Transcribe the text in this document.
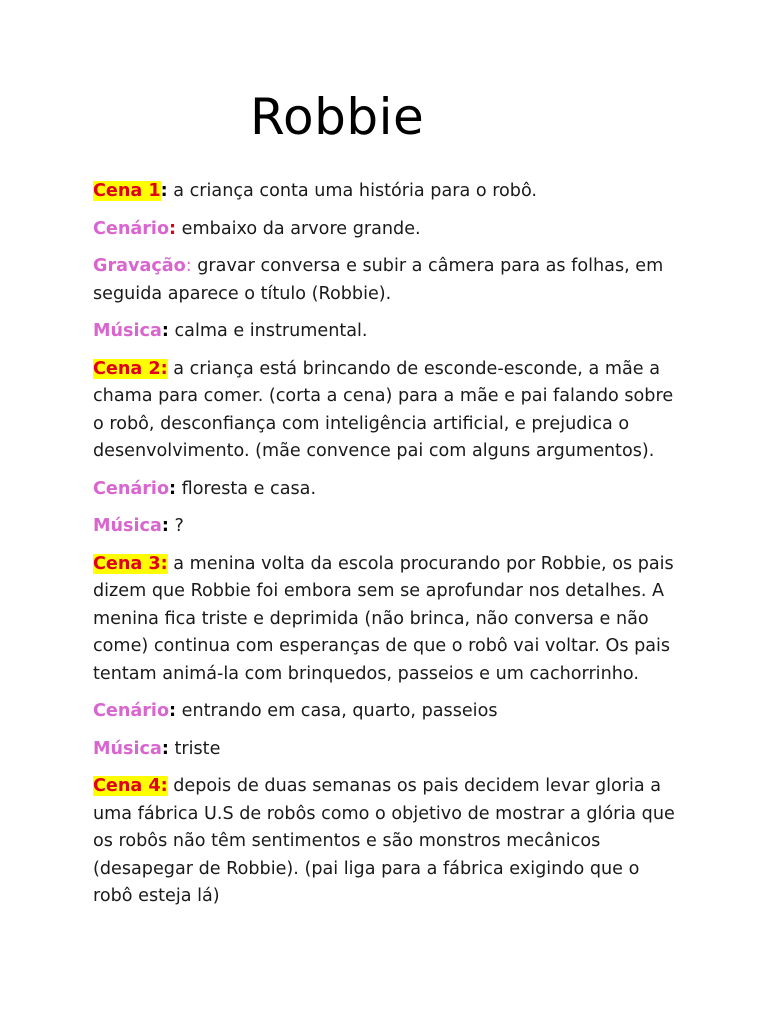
Robbie

Cena 1: a criança conta uma história para o robô.

Cenário: embaixo da arvore grande.

Gravação: gravar conversa e subir a câmera para as folhas, em seguida aparece o título (Robbie).

Música: calma e instrumental.

Cena 2: a criança está brincando de esconde-esconde, a mãe a chama para comer. (corta a cena) para a mãe e pai falando sobre o robô, desconfiança com inteligência artificial, e prejudica o desenvolvimento. (mãe convence pai com alguns argumentos).

Cenário: floresta e casa.

Música: ?

Cena 3: a menina volta da escola procurando por Robbie, os pais dizem que Robbie foi embora sem se aprofundar nos detalhes. A menina fica triste e deprimida (não brinca, não conversa e não come) continua com esperanças de que o robô vai voltar. Os pais tentam animá-la com brinquedos, passeios e um cachorrinho.

Cenário: entrando em casa, quarto, passeios

Música: triste

Cena 4: depois de duas semanas os pais decidem levar gloria a uma fábrica U.S de robôs como o objetivo de mostrar a glória que os robôs não têm sentimentos e são monstros mecânicos (desapegar de Robbie). (pai liga para a fábrica exigindo que o robô esteja lá)
